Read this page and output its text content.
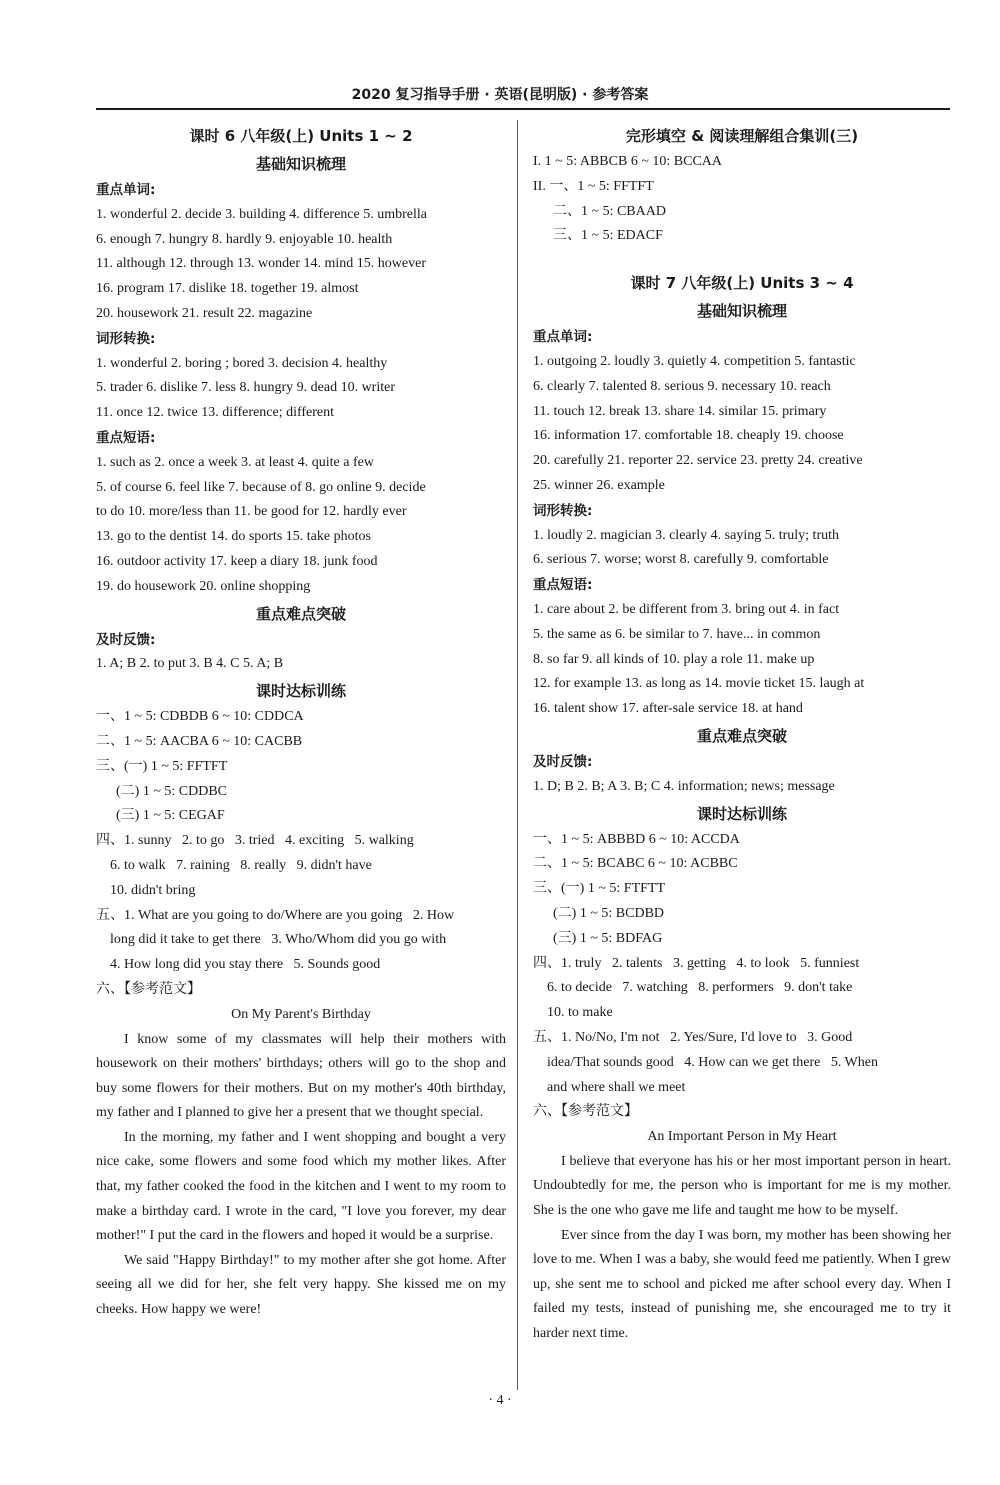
2020 复习指导手册 · 英语(昆明版) · 参考答案
课时 6 八年级(上) Units 1 ~ 2
基础知识梳理
重点单词:
1. wonderful 2. decide 3. building 4. difference 5. umbrella
6. enough 7. hungry 8. hardly 9. enjoyable 10. health
11. although 12. through 13. wonder 14. mind 15. however
16. program 17. dislike 18. together 19. almost
20. housework 21. result 22. magazine
词形转换:
1. wonderful 2. boring ; bored 3. decision 4. healthy
5. trader 6. dislike 7. less 8. hungry 9. dead 10. writer
11. once 12. twice 13. difference; different
重点短语:
1. such as 2. once a week 3. at least 4. quite a few
5. of course 6. feel like 7. because of 8. go online 9. decide
to do 10. more/less than 11. be good for 12. hardly ever
13. go to the dentist 14. do sports 15. take photos
16. outdoor activity 17. keep a diary 18. junk food
19. do housework 20. online shopping
重点难点突破
及时反馈:
1. A; B 2. to put 3. B 4. C 5. A; B
课时达标训练
一、1 ~ 5: CDBDB 6 ~ 10: CDDCA
二、1 ~ 5: AACBA 6 ~ 10: CACBB
三、(一) 1 ~ 5: FFTFT
(二) 1 ~ 5: CDDBC
(三) 1 ~ 5: CEGAF
四、1. sunny   2. to go   3. tried   4. exciting   5. walking
6. to walk   7. raining   8. really   9. didn't have
10. didn't bring
五、1. What are you going to do/Where are you going   2. How
long did it take to get there   3. Who/Whom did you go with
4. How long did you stay there   5. Sounds good
六、【参考范文】
On My Parent's Birthday
I know some of my classmates will help their mothers with housework on their mothers' birthdays; others will go to the shop and buy some flowers for their mothers. But on my mother's 40th birthday, my father and I planned to give her a present that we thought special.
In the morning, my father and I went shopping and bought a very nice cake, some flowers and some food which my mother likes. After that, my father cooked the food in the kitchen and I went to my room to make a birthday card. I wrote in the card, "I love you forever, my dear mother!" I put the card in the flowers and hoped it would be a surprise.
We said "Happy Birthday!" to my mother after she got home. After seeing all we did for her, she felt very happy. She kissed me on my cheeks. How happy we were!
完形填空 & 阅读理解组合集训(三)
I. 1 ~ 5: ABBCB 6 ~ 10: BCCAA
II. 一、1 ~ 5: FFTFT
二、1 ~ 5: CBAAD
三、1 ~ 5: EDACF
课时 7 八年级(上) Units 3 ~ 4
基础知识梳理
重点单词:
1. outgoing 2. loudly 3. quietly 4. competition 5. fantastic
6. clearly 7. talented 8. serious 9. necessary 10. reach
11. touch 12. break 13. share 14. similar 15. primary
16. information 17. comfortable 18. cheaply 19. choose
20. carefully 21. reporter 22. service 23. pretty 24. creative
25. winner 26. example
词形转换:
1. loudly 2. magician 3. clearly 4. saying 5. truly; truth
6. serious 7. worse; worst 8. carefully 9. comfortable
重点短语:
1. care about 2. be different from 3. bring out 4. in fact
5. the same as 6. be similar to 7. have... in common
8. so far 9. all kinds of 10. play a role 11. make up
12. for example 13. as long as 14. movie ticket 15. laugh at
16. talent show 17. after-sale service 18. at hand
重点难点突破
及时反馈:
1. D; B 2. B; A 3. B; C 4. information; news; message
课时达标训练
一、1 ~ 5: ABBBD 6 ~ 10: ACCDA
二、1 ~ 5: BCABC 6 ~ 10: ACBBC
三、(一) 1 ~ 5: FTFTT
(二) 1 ~ 5: BCDBD
(三) 1 ~ 5: BDFAG
四、1. truly   2. talents   3. getting   4. to look   5. funniest
6. to decide   7. watching   8. performers   9. don't take
10. to make
五、1. No/No, I'm not   2. Yes/Sure, I'd love to   3. Good
idea/That sounds good   4. How can we get there   5. When
and where shall we meet
六、【参考范文】
An Important Person in My Heart
I believe that everyone has his or her most important person in heart. Undoubtedly for me, the person who is important for me is my mother. She is the one who gave me life and taught me how to be myself.
Ever since from the day I was born, my mother has been showing her love to me. When I was a baby, she would feed me patiently. When I grew up, she sent me to school and picked me after school every day. When I failed my tests, instead of punishing me, she encouraged me to try it harder next time.
· 4 ·
